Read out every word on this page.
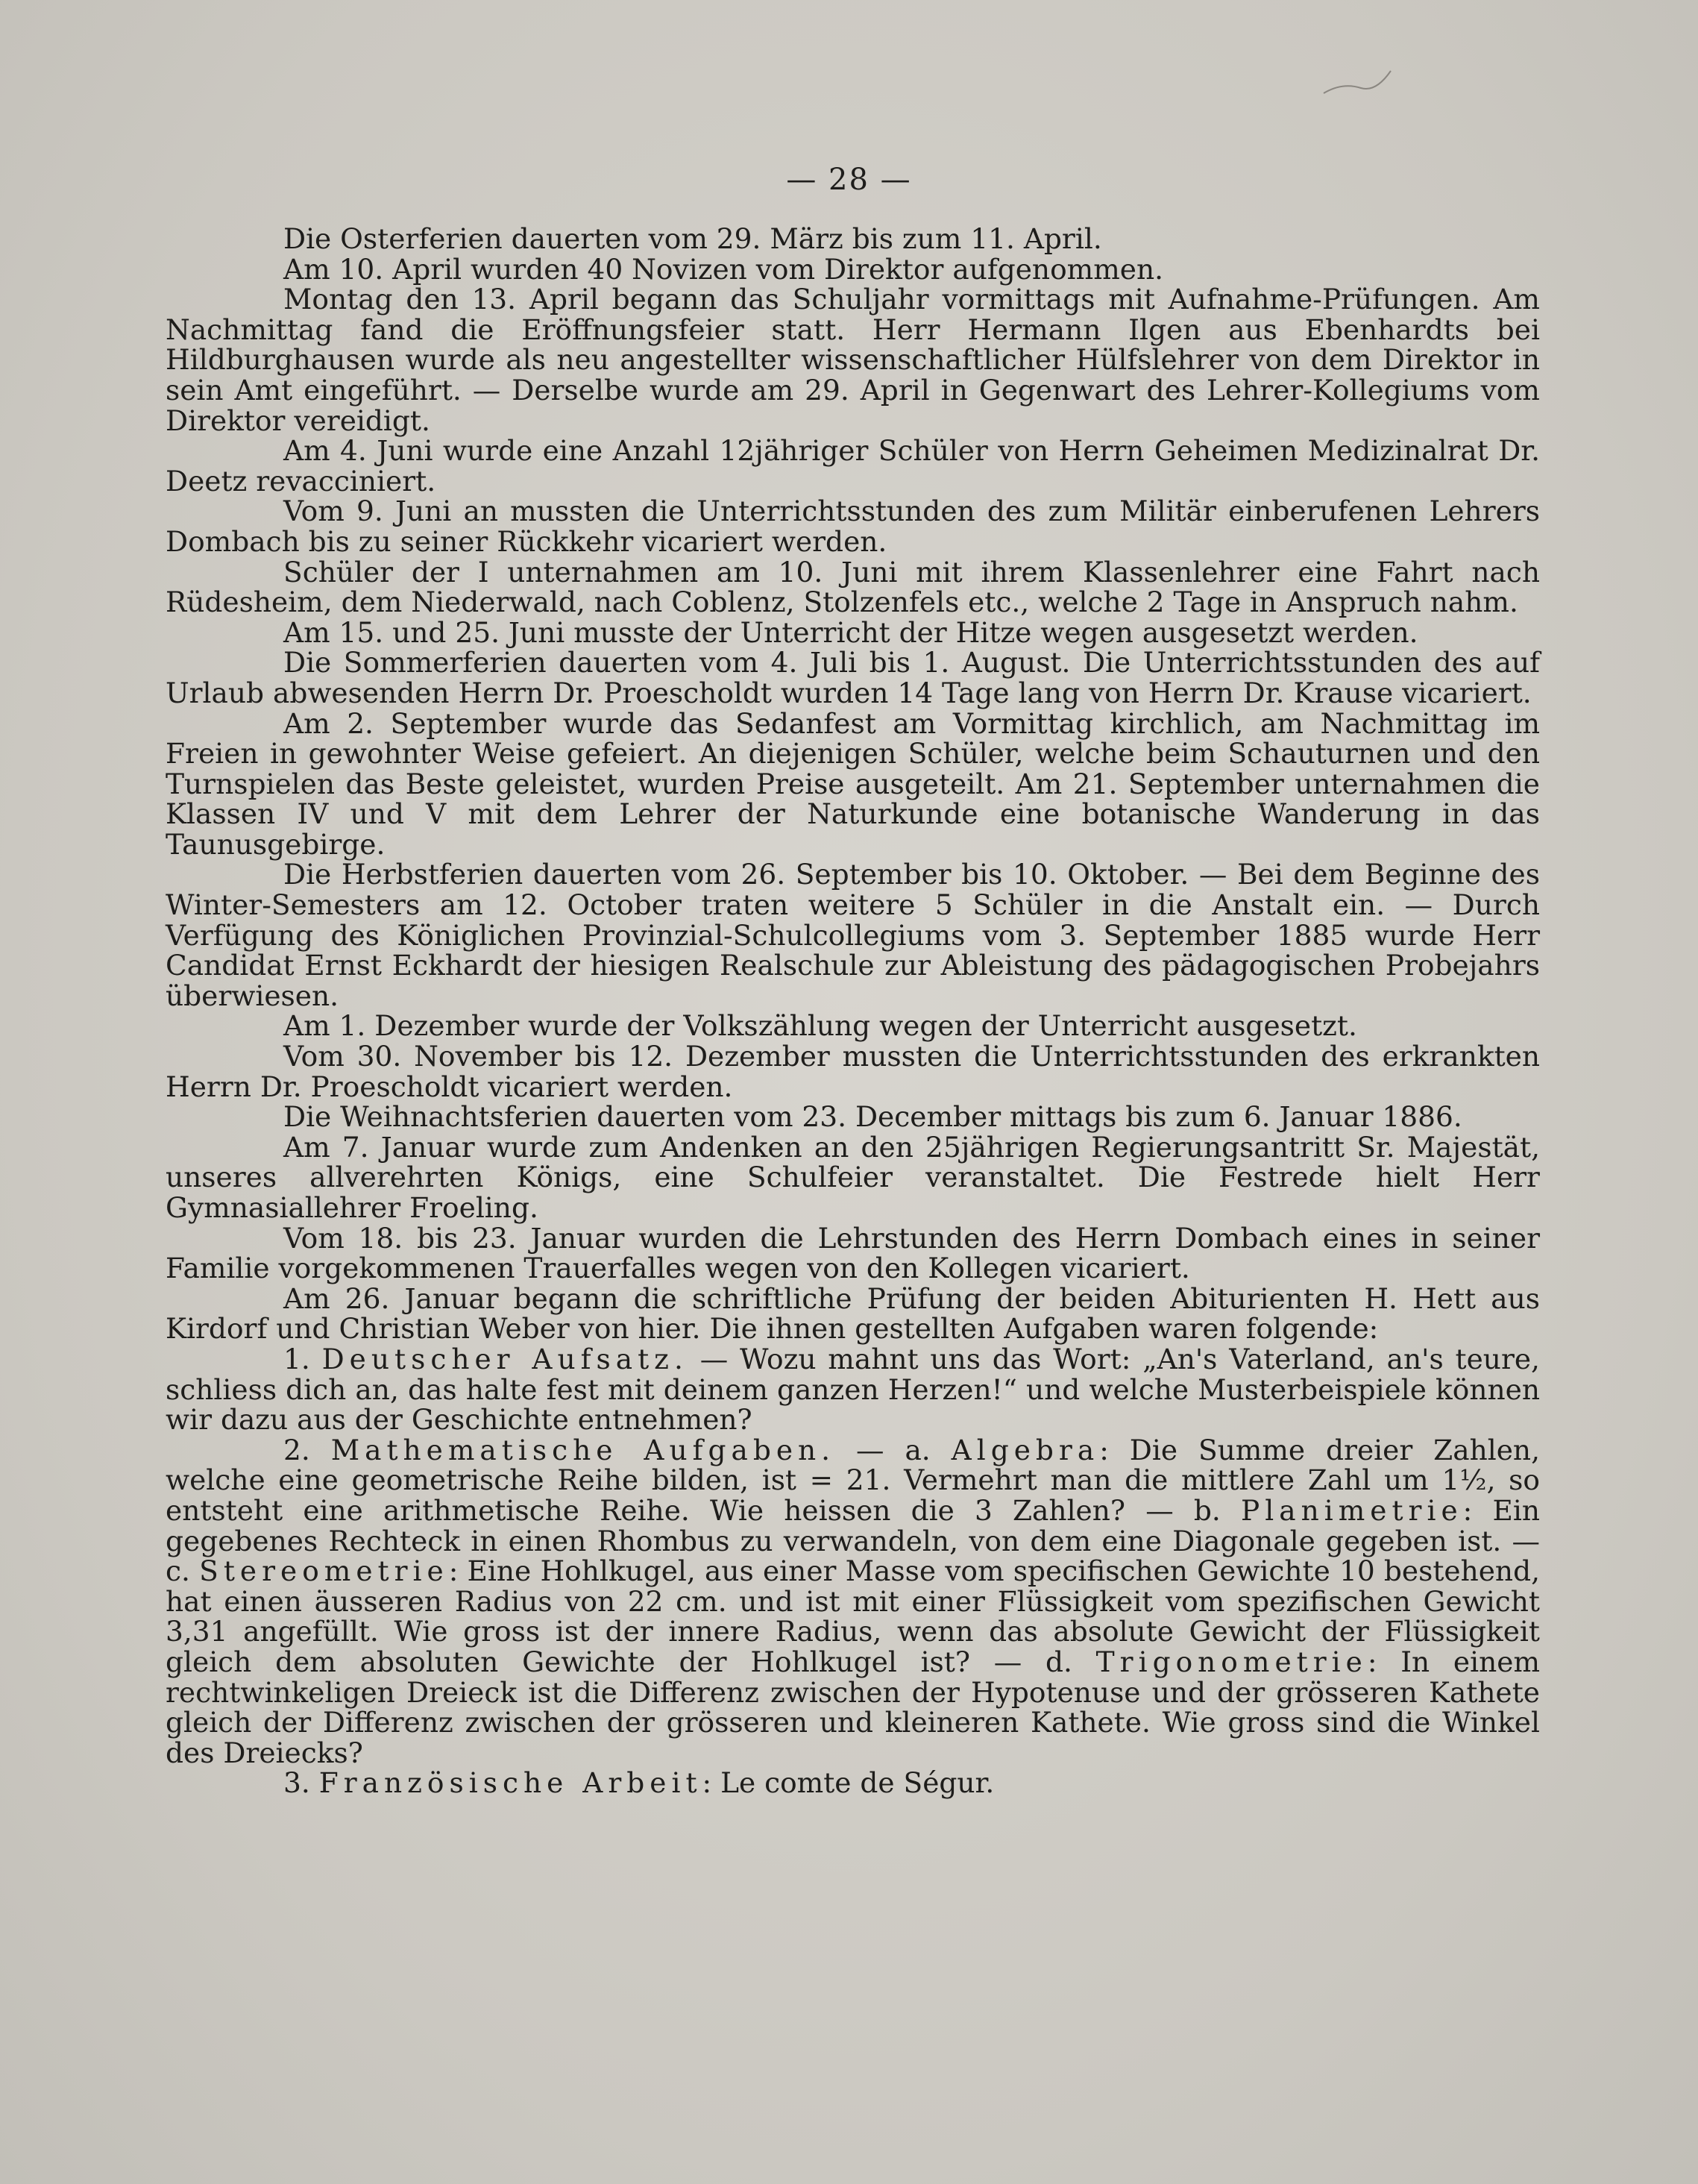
— 28 —

Die Osterferien dauerten vom 29. März bis zum 11. April.

Am 10. April wurden 40 Novizen vom Direktor aufgenommen.

Montag den 13. April begann das Schuljahr vormittags mit Aufnahme-Prüfungen. Am Nachmittag fand die Eröffnungsfeier statt. Herr Hermann Ilgen aus Ebenhardts bei Hildburghausen wurde als neu angestellter wissenschaftlicher Hülfslehrer von dem Direktor in sein Amt eingeführt. — Derselbe wurde am 29. April in Gegenwart des Lehrer-Kollegiums vom Direktor vereidigt.

Am 4. Juni wurde eine Anzahl 12jähriger Schüler von Herrn Geheimen Medizinalrat Dr. Deetz revacciniert.

Vom 9. Juni an mussten die Unterrichtsstunden des zum Militär einberufenen Lehrers Dombach bis zu seiner Rückkehr vicariert werden.

Schüler der I unternahmen am 10. Juni mit ihrem Klassenlehrer eine Fahrt nach Rüdesheim, dem Niederwald, nach Coblenz, Stolzenfels etc., welche 2 Tage in Anspruch nahm.

Am 15. und 25. Juni musste der Unterricht der Hitze wegen ausgesetzt werden.

Die Sommerferien dauerten vom 4. Juli bis 1. August. Die Unterrichtsstunden des auf Urlaub abwesenden Herrn Dr. Proescholdt wurden 14 Tage lang von Herrn Dr. Krause vicariert.

Am 2. September wurde das Sedanfest am Vormittag kirchlich, am Nachmittag im Freien in gewohnter Weise gefeiert. An diejenigen Schüler, welche beim Schauturnen und den Turnspielen das Beste geleistet, wurden Preise ausgeteilt. Am 21. September unternahmen die Klassen IV und V mit dem Lehrer der Naturkunde eine botanische Wanderung in das Taunusgebirge.

Die Herbstferien dauerten vom 26. September bis 10. Oktober. — Bei dem Beginne des Winter-Semesters am 12. October traten weitere 5 Schüler in die Anstalt ein. — Durch Verfügung des Königlichen Provinzial-Schulcollegiums vom 3. September 1885 wurde Herr Candidat Ernst Eckhardt der hiesigen Realschule zur Ableistung des pädagogischen Probejahrs überwiesen.

Am 1. Dezember wurde der Volkszählung wegen der Unterricht ausgesetzt.

Vom 30. November bis 12. Dezember mussten die Unterrichtsstunden des erkrankten Herrn Dr. Proescholdt vicariert werden.

Die Weihnachtsferien dauerten vom 23. December mittags bis zum 6. Januar 1886.

Am 7. Januar wurde zum Andenken an den 25jährigen Regierungsantritt Sr. Majestät, unseres allverehrten Königs, eine Schulfeier veranstaltet. Die Festrede hielt Herr Gymnasiallehrer Froeling.

Vom 18. bis 23. Januar wurden die Lehrstunden des Herrn Dombach eines in seiner Familie vorgekommenen Trauerfalles wegen von den Kollegen vicariert.

Am 26. Januar begann die schriftliche Prüfung der beiden Abiturienten H. Hett aus Kirdorf und Christian Weber von hier. Die ihnen gestellten Aufgaben waren folgende:

1. Deutscher Aufsatz. — Wozu mahnt uns das Wort: „An's Vaterland, an's teure, schliess dich an, das halte fest mit deinem ganzen Herzen!“ und welche Musterbeispiele können wir dazu aus der Geschichte entnehmen?

2. Mathematische Aufgaben. — a. Algebra: Die Summe dreier Zahlen, welche eine geometrische Reihe bilden, ist = 21. Vermehrt man die mittlere Zahl um 1½, so entsteht eine arithmetische Reihe. Wie heissen die 3 Zahlen? — b. Planimetrie: Ein gegebenes Rechteck in einen Rhombus zu verwandeln, von dem eine Diagonale gegeben ist. — c. Stereometrie: Eine Hohlkugel, aus einer Masse vom specifischen Gewichte 10 bestehend, hat einen äusseren Radius von 22 cm. und ist mit einer Flüssigkeit vom spezifischen Gewicht 3,31 angefüllt. Wie gross ist der innere Radius, wenn das absolute Gewicht der Flüssigkeit gleich dem absoluten Gewichte der Hohlkugel ist? — d. Trigonometrie: In einem rechtwinkeligen Dreieck ist die Differenz zwischen der Hypotenuse und der grösseren Kathete gleich der Differenz zwischen der grösseren und kleineren Kathete. Wie gross sind die Winkel des Dreiecks?

3. Französische Arbeit: Le comte de Ségur.
